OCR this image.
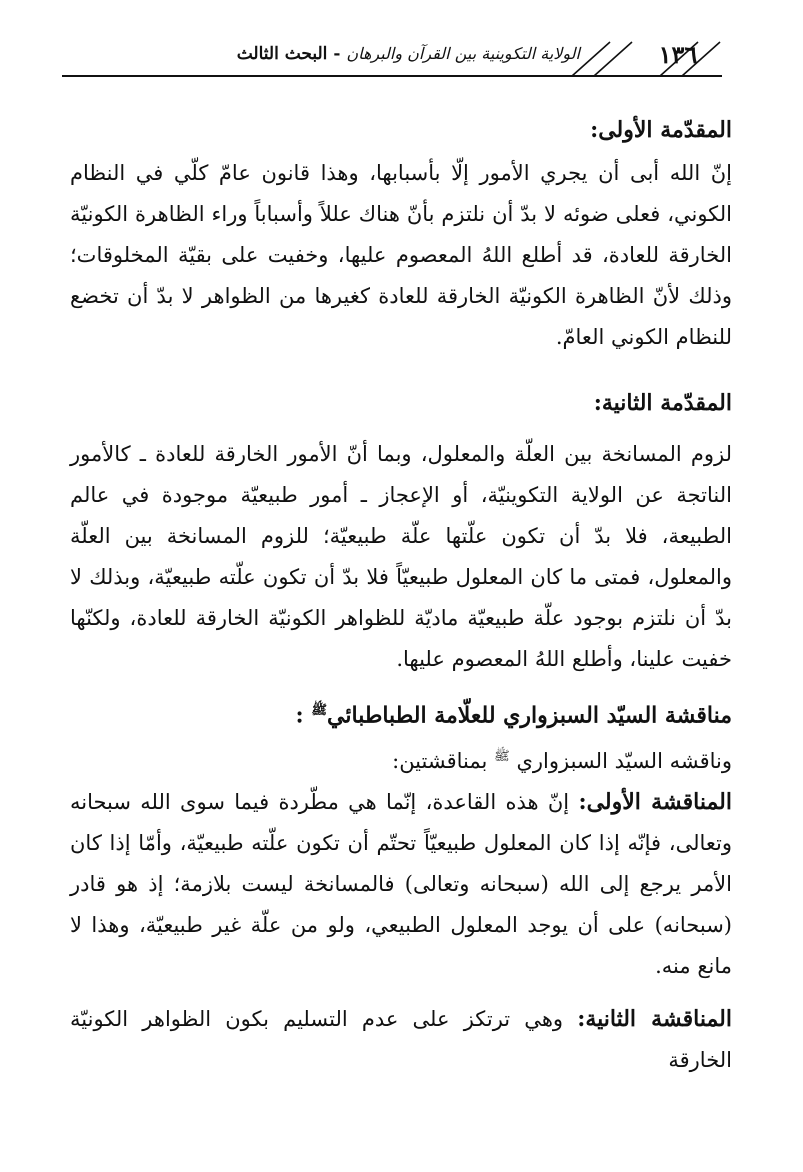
١٣٦
الولاية التكوينية بين القرآن والبرهان - البحث الثالث

المقدّمة الأولى:

إنّ الله أبى أن يجري الأمور إلّا بأسبابها، وهذا قانون عامّ كلّي في النظام الكوني، فعلى ضوئه لا بدّ أن نلتزم بأنّ هناك عللاً وأسباباً وراء الظاهرة الكونيّة الخارقة للعادة، قد أطلع اللهُ المعصوم عليها، وخفيت على بقيّة المخلوقات؛ وذلك لأنّ الظاهرة الكونيّة الخارقة للعادة كغيرها من الظواهر لا بدّ أن تخضع للنظام الكوني العامّ.

المقدّمة الثانية:

لزوم المسانخة بين العلّة والمعلول، وبما أنّ الأمور الخارقة للعادة ـ كالأمور الناتجة عن الولاية التكوينيّة، أو الإعجاز ـ أمور طبيعيّة موجودة في عالم الطبيعة، فلا بدّ أن تكون علّتها علّة طبيعيّة؛ للزوم المسانخة بين العلّة والمعلول، فمتى ما كان المعلول طبيعيّاً فلا بدّ أن تكون علّته طبيعيّة، وبذلك لا بدّ أن نلتزم بوجود علّة طبيعيّة ماديّة للظواهر الكونيّة الخارقة للعادة، ولكنّها خفيت علينا، وأطلع اللهُ المعصوم عليها.

مناقشة السيّد السبزواري للعلّامة الطباطبائي$^ﷺ$ :

وناقشه السيّد السبزواري $^ﷺ$ بمناقشتين:

المناقشة الأولى: إنّ هذه القاعدة، إنّما هي مطّردة فيما سوى الله سبحانه وتعالى، فإنّه إذا كان المعلول طبيعيّاً تحتّم أن تكون علّته طبيعيّة، وأمّا إذا كان الأمر يرجع إلى الله (سبحانه وتعالى) فالمسانخة ليست بلازمة؛ إذ هو قادر (سبحانه) على أن يوجد المعلول الطبيعي، ولو من علّة غير طبيعيّة، وهذا لا مانع منه.

المناقشة الثانية: وهي ترتكز على عدم التسليم بكون الظواهر الكونيّة الخارقة
